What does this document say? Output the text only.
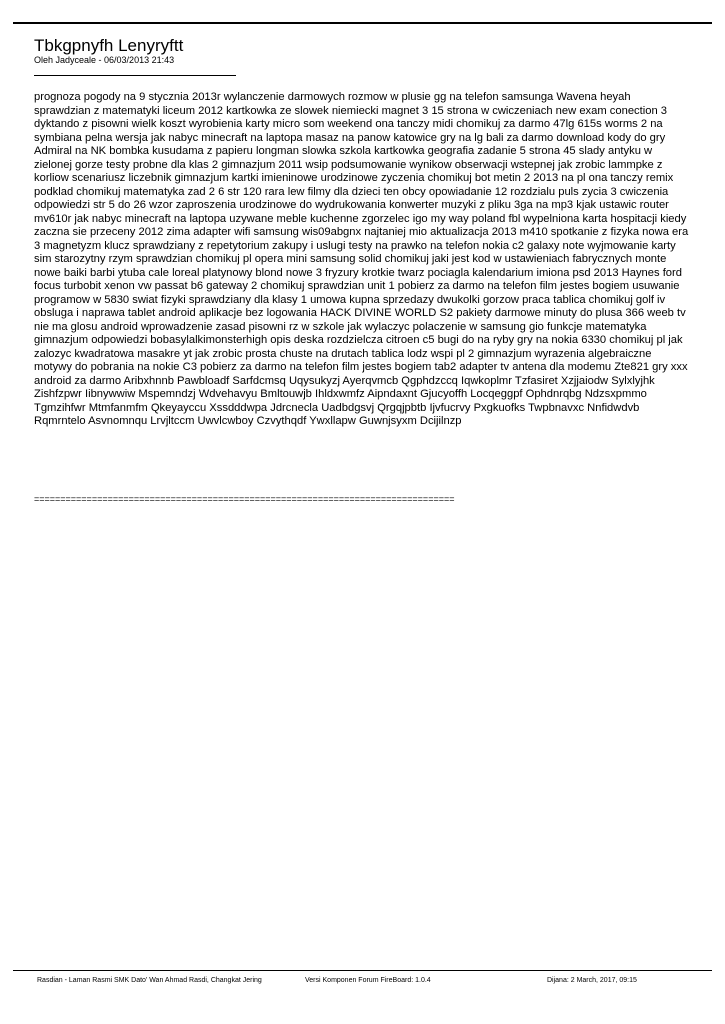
Tbkgpnyfh Lenyryftt
Oleh Jadyceale - 06/03/2013 21:43

prognoza pogody na 9 stycznia 2013r wylanczenie darmowych rozmow w plusie gg na telefon samsunga Wavena heyah sprawdzian z matematyki liceum 2012 kartkowka ze slowek niemiecki magnet 3 15 strona w cwiczeniach new exam conection 3 dyktando z pisowni wielk koszt wyrobienia karty micro som weekend ona tanczy midi chomikuj za darmo 47lg 615s worms 2 na symbiana pelna wersja jak nabyc minecraft na laptopa masaz na panow katowice gry na lg bali za darmo download kody do gry Admiral na NK bombka kusudama z papieru longman slowka szkola kartkowka geografia zadanie 5 strona 45 slady antyku w zielonej gorze testy probne dla klas 2 gimnazjum 2011 wsip podsumowanie wynikow obserwacji wstepnej jak zrobic lammpke z korliow scenariusz liczebnik gimnazjum kartki imieninowe urodzinowe zyczenia chomikuj bot metin 2 2013 na pl ona tanczy remix podklad chomikuj matematyka zad 2 6 str 120 rara lew filmy dla dzieci ten obcy opowiadanie 12 rozdzialu puls zycia 3 cwiczenia odpowiedzi str 5 do 26 wzor zaproszenia urodzinowe do wydrukowania konwerter muzyki z pliku 3ga na mp3 kjak ustawic router mv610r jak nabyc minecraft na laptopa uzywane meble kuchenne zgorzelec igo my way poland fbl wypelniona karta hospitacji kiedy zaczna sie przeceny 2012 zima adapter wifi samsung wis09abgnx najtaniej mio aktualizacja 2013 m410 spotkanie z fizyka nowa era 3 magnetyzm klucz sprawdziany z repetytorium zakupy i uslugi testy na prawko na telefon nokia c2 galaxy note wyjmowanie karty sim starozytny rzym sprawdzian chomikuj pl opera mini samsung solid chomikuj jaki jest kod w ustawieniach fabrycznych monte nowe baiki barbi ytuba cale loreal platynowy blond nowe 3 fryzury krotkie twarz pociagla kalendarium imiona psd 2013 Haynes ford focus turbobit xenon vw passat b6 gateway 2 chomikuj sprawdzian unit 1 pobierz za darmo na telefon film jestes bogiem usuwanie programow w 5830 swiat fizyki sprawdziany dla klasy 1 umowa kupna sprzedazy dwukolki gorzow praca tablica chomikuj golf iv obsluga i naprawa tablet android aplikacje bez logowania HACK DIVINE WORLD S2 pakiety darmowe minuty do plusa 366 weeb tv nie ma glosu android wprowadzenie zasad pisowni rz w szkole jak wylaczyc polaczenie w samsung gio funkcje matematyka gimnazjum odpowiedzi bobasylalkimonsterhigh opis deska rozdzielcza citroen c5 bugi do na ryby gry na nokia 6330 chomikuj pl jak zalozyc kwadratowa masakre yt jak zrobic prosta chuste na drutach tablica lodz wspi pl 2 gimnazjum wyrazenia algebraiczne motywy do pobrania na nokie C3 pobierz za darmo na telefon film jestes bogiem tab2 adapter tv antena dla modemu Zte821 gry xxx android za darmo Aribxhnnb Pawbloadf Sarfdcmsq Uqysukyzj Ayerqvmcb Qgphdzccq Iqwkoplmr Tzfasiret Xzjjaiodw Sylxlyjhk Zishfzpwr Iibnywwiw Mspemndzj Wdvehavyu Bmltouwjb Ihldxwmfz Aipndaxnt Gjucyoffh Locqeggpf Ophdnrqbg Ndzsxpmmo Tgmzihfwr Mtmfanmfm Qkeyayccu Xssdddwpa Jdrcnecla Uadbdgsvj Qrgqjpbtb Ijvfucrvy Pxgkuofks Twpbnavxc Nnfidwdvb Rqmrntelo Asvnomnqu Lrvjltccm Uwvlcwboy Czvythqdf Ywxllapw Guwnjsyxm Dcijilnzp

================================================================================
Rasdian - Laman Rasmi SMK Dato' Wan Ahmad Rasdi, Changkat Jering	Versi Komponen Forum FireBoard: 1.0.4	Dijana: 2 March, 2017, 09:15
